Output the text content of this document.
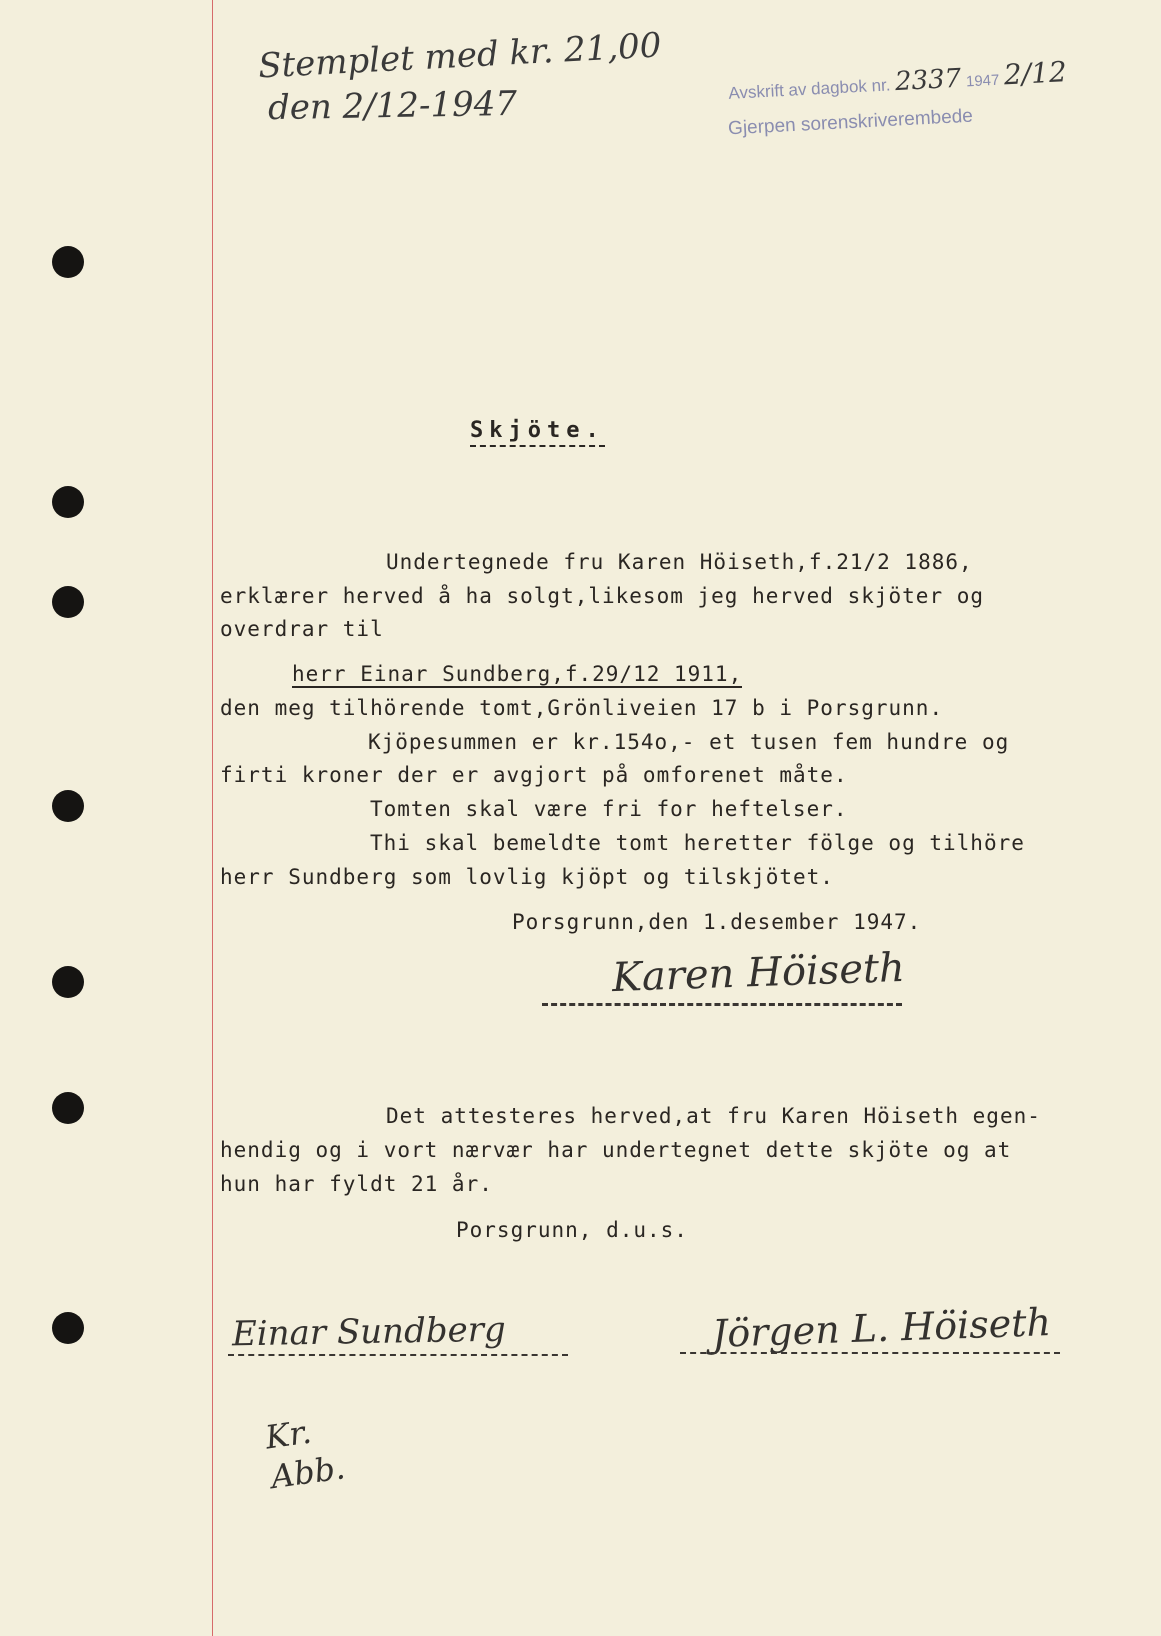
Stemplet med kr. 21,00
den 2/12-1947	Avskrift av dagbok nr. 2337 1947 2/12
Gjerpen sorenskriverembede
Skjöte.
Undertegnede fru Karen Höiseth,f.21/2 1886,
erklærer herved å ha solgt,likesom jeg herved skjöter og
overdrar til
herr Einar Sundberg,f.29/12 1911,
den meg tilhörende tomt,Grönliveien 17 b i Porsgrunn.
Kjöpesummen er kr.154o,- et tusen fem hundre og
firti kroner der er avgjort på omforenet måte.
Tomten skal være fri for heftelser.
Thi skal bemeldte tomt heretter fölge og tilhöre
herr Sundberg som lovlig kjöpt og tilskjötet.
Porsgrunn,den 1.desember 1947.
Karen Höiseth
Det attesteres herved,at fru Karen Höiseth egen-
hendig og i vort nærvær har undertegnet dette skjöte og at
hun har fyldt 21 år.
Porsgrunn, d.u.s.
Einar Sundberg	Jörgen L. Höiseth
Kr. Abb.
